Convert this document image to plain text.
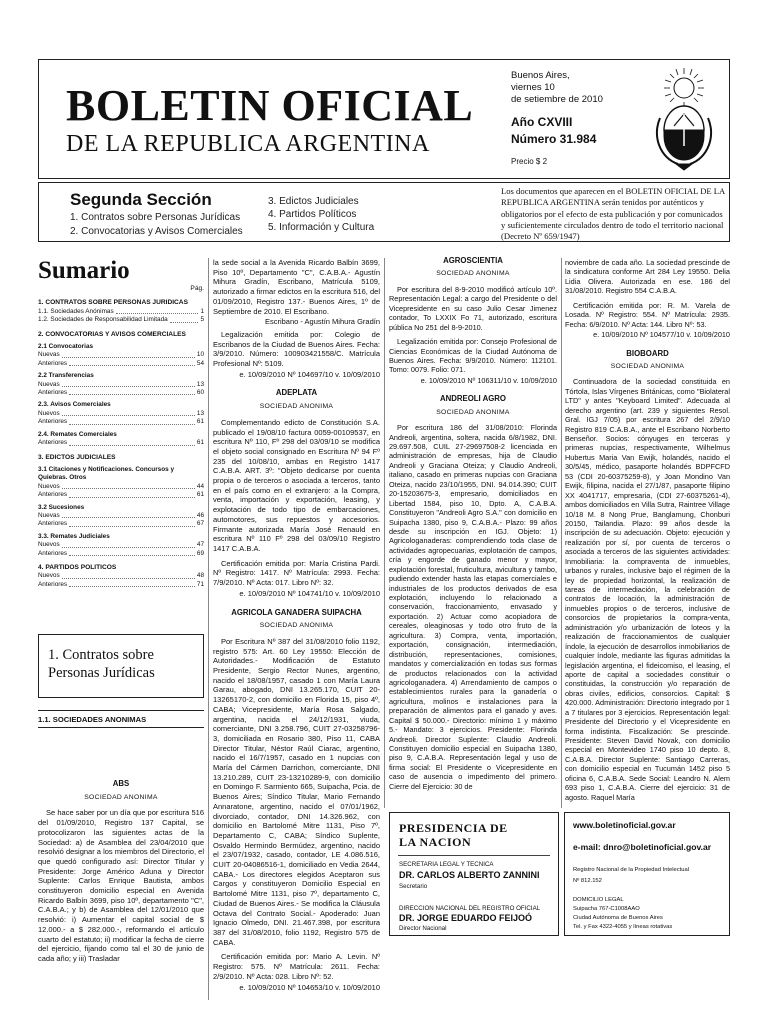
BOLETIN OFICIAL
DE LA REPUBLICA ARGENTINA
Buenos Aires,
viernes 10
de setiembre de 2010
Año CXVIII
Número 31.984
Precio $ 2
Segunda Sección
1. Contratos sobre Personas Jurídicas
2. Convocatorias y Avisos Comerciales
3. Edictos Judiciales
4. Partidos Políticos
5. Información y Cultura
Los documentos que aparecen en el BOLETIN OFICIAL DE LA REPUBLICA ARGENTINA serán tenidos por auténticos y obligatorios por el efecto de esta publicación y por comunicados y suficientemente circulados dentro de todo el territorio nacional (Decreto Nº 659/1947)
Sumario
Pág.
1. CONTRATOS SOBRE PERSONAS JURIDICAS
1.1. Sociedades Anónimas	1
1.2. Sociedades de Responsabilidad Limitada	5
2. CONVOCATORIAS Y AVISOS COMERCIALES
2.1 Convocatorias
Nuevas	10
Anteriores	54
2.2 Transferencias
Nuevas	13
Anteriores	60
2.3. Avisos Comerciales
Nuevos	13
Anteriores	61
2.4. Remates Comerciales
Anteriores	61
3. EDICTOS JUDICIALES
3.1 Citaciones y Notificaciones. Concursos y Quiebras. Otros
Nuevos	44
Anteriores	61
3.2 Sucesiones
Nuevas	46
Anteriores	67
3.3. Remates Judiciales
Nuevos	47
Anteriores	69
4. PARTIDOS POLITICOS
Nuevos	48
Anteriores	71
1. Contratos sobre Personas Jurídicas
1.1. SOCIEDADES ANONIMAS
ABS
SOCIEDAD ANONIMA

Se hace saber por un día que por escritura 516 del 01/09/2010, Registro 137 Capital, se protocolizaron las siguientes actas de la Sociedad: a) de Asamblea del 23/04/2010 que resolvió designar a los miembros del Directorio, el que quedó configurado así: Director Titular y Presidente: Jorge Américo Aduna y Director Suplente: Carlos Enrique Bautista, ambos constituyeron domicilio especial en Avenida Ricardo Balbín 3699, piso 10º, departamento "C", C.A.B.A.; y b) de Asamblea del 12/01/2010 que resolvió: i) Aumentar el capital social de $ 12.000.- a $ 282.000.-, reformando el artículo cuarto del estatuto; ii) modificar la fecha de cierre del ejercicio, fijando como tal el 30 de junio de cada año; y iii) Trasladar

la sede social a la Avenida Ricardo Balbín 3699, Piso 10º, Departamento "C", C.A.B.A.- Agustín Mihura Gradín, Escribano, Matrícula 5109, autorizado a firmar edictos en la escritura 516, del 01/09/2010, Registro 137.- Buenos Aires, 1º de Septiembre de 2010. El Escribano.

Escribano - Agustín Mihura Gradín

Legalización emitida por: Colegio de Escribanos de la Ciudad de Buenos Aires. Fecha: 3/9/2010. Número: 100903421558/C. Matrícula Profesional Nº: 5109.

e. 10/09/2010 Nº 104697/10 v. 10/09/2010
ADEPLATA
SOCIEDAD ANONIMA

Complementando edicto de Constitución S.A. publicado el 19/08/10 factura 0059-00109537, en escritura Nº 110, Fº 298 del 03/09/10 se modifica el objeto social consignado en Escritura Nº 94 Fº 235 del 10/08/10, ambas en Registro 1417 C.A.B.A. ART. 3º: "Objeto dedicarse por cuenta propia o de terceros o asociada a terceros, tanto en el país como en el extranjero: a la Compra, venta, importación y exportación, leasing, y explotación de todo tipo de embarcaciones, automotores, sus repuestos y accesorios. Firmante autorizada María José Renauld en escritura Nº 110 Fº 298 del 03/09/10 Registro 1417 C.A.B.A.

Certificación emitida por: María Cristina Pardi. Nº Registro: 1417. Nº Matrícula: 2993. Fecha: 7/9/2010. Nº Acta: 017. Libro Nº: 32.

e. 10/09/2010 Nº 104741/10 v. 10/09/2010
AGRICOLA GANADERA SUIPACHA
SOCIEDAD ANONIMA

Por Escritura Nº 387 del 31/08/2010 folio 1192, registro 575: Art. 60 Ley 19550: Elección de Autoridades.- Modificación de Estatuto Presidente, Sergio Rector Nunes, argentino, nacido el 18/08/1957, casado 1 con María Laura Garau, abogado, DNI 13.265.170, CUIT 20-13265170-2, con domicilio en Florida 15, piso 4º, CABA; Vicepresidente, María Rosa Salgado, argentina, nacida el 24/12/1931, viuda, comerciante, DNI 3.258.796, CUIT 27-03258796-3, domiciliada en Rosario 380, Piso 11, CABA Director Titular, Néstor Raúl Ciarac, argentino, nacido el 16/7/1957, casado en 1 nupcias con María del Cármen Darrichon, comerciante, DNI 13.210.289, CUIT 23-13210289-9, con domicilio en Domingo F. Sarmiento 665, Suipacha, Pcia. de Buenos Aires; Síndico Titular, Mario Fernando Annaratone, argentino, nacido el 07/01/1962, divorciado, contador, DNI 14.326.962, con domicilio en Bartolomé Mitre 1131, Piso 7º, Departamento C, CABA; Síndico Suplente, Osvaldo Hermindo Bermúdez, argentino, nacido el 23/07/1932, casado, contador, LE 4.086.516, CUIT 20-04086516-1, domiciliado en Vedia 2644, CABA.- Los directores elegidos Aceptaron sus Cargos y constituyeron Domicilio Especial en Bartolomé Mitre 1131, piso 7º, departamento C, Ciudad de Buenos Aires.- Se modifica la Cláusula Octava del Contrato Social.- Apoderado: Juan Ignacio Olmedo, DNI. 21.467.398, por escritura 387 del 31/08/2010, folio 1192, Registro 575 de CABA.

Certificación emitida por: Mario A. Levin. Nº Registro: 575. Nº Matrícula: 2611. Fecha: 2/9/2010. Nº Acta: 028. Libro Nº: 52.

e. 10/09/2010 Nº 104653/10 v. 10/09/2010
AGROSCIENTIA
SOCIEDAD ANONIMA

Por escritura del 8-9-2010 modificó artículo 10º. Representación Legal: a cargo del Presidente o del Vicepresidente en su caso Julio Cesar Jimenez contador, To LXXIX Fo 71, autorizado, escritura pública No 251 del 8-9-2010.

Legalización emitida por: Consejo Profesional de Ciencias Económicas de la Ciudad Autónoma de Buenos Aires. Fecha: 9/9/2010. Número: 112101. Tomo: 0079. Folio: 071.

e. 10/09/2010 Nº 106311/10 v. 10/09/2010
ANDREOLI AGRO
SOCIEDAD ANONIMA

Por escritura 186 del 31/08/2010: Florinda Andreoli, argentina, soltera, nacida 6/8/1982, DNI. 29.697.508, CUIL 27-29697508-2 licenciada en administración de empresas, hija de Claudio Andreoli y Graciana Oteiza; y Claudio Andreoli, italiano, casado en primeras nupcias con Graciana Oteiza, nacido 23/10/1955, DNI. 94.014.390; CUIT 20-15203675-3, empresario, domiciliados en Libertad 1584, piso 10, Dpto. A, C.A.B.A. Constituyeron "Andreoli Agro S.A." con domicilio en Suipacha 1380, piso 9, C.A.B.A.- Plazo: 99 años desde su inscripción en IGJ. Objeto: 1) Agricologanaderas: comprendiendo toda clase de actividades agropecuarias, explotación de campos, cría y engorde de ganado menor y mayor, explotación forestal, fruticultura, avicultura y tambo, pudiendo extender hasta las etapas comerciales e industriales de los productos derivados de esa explotación, incluyendo lo relacionado a conservación, fraccionamiento, envasado y exportación. 2) Actuar como acopiadora de cereales, oleaginosas y todo otro fruto de la agricultura. 3) Compra, venta, importación, exportación, consignación, intermediación, distribución, representaciones, comisiones, mandatos y comercialización en todas sus formas de productos relacionados con la actividad agricologanadera. 4) Arrendamiento de campos o establecimientos rurales para la ganadería o agricultura, molinos e instalaciones para la preparación de alimentos para el ganado y aves. Capital $ 50.000.- Directorio: mínimo 1 y máximo 5.- Mandato: 3 ejercicios. Presidente: Florinda Andreoli. Director Suplente: Claudio Andreoli. Constituyen domicilio especial en Suipacha 1380, piso 9, C.A.B.A. Representación legal y uso de firma social: El Presidente o Vicepresidente en caso de ausencia o impedimento del primero. Cierre del Ejercicio: 30 de

noviembre de cada año. La sociedad prescinde de la sindicatura conforme Art 284 Ley 19550. Delia Lidia Olivera. Autorizada en ese. 186 del 31/08/2010. Registro 554 C.A.B.A.

Certificación emitida por: R. M. Varela de Losada. Nº Registro: 554. Nº Matrícula: 2935. Fecha: 6/9/2010. Nº Acta: 144. Libro Nº: 53.

e. 10/09/2010 Nº 104577/10 v. 10/09/2010
BIOBOARD
SOCIEDAD ANONIMA

Continuadora de la sociedad constituida en Tórtola, Islas Vírgenes Británicas, como "Biolateral LTD" y antes "Keyboard Limited". Adecuada al derecho argentino (art. 239 y siguientes Resol. Gral. IGJ 7/05) por escritura 267 del 2/9/10 Registro 819 C.A.B.A., ante el Escribano Norberto Benseñor. Socios: cónyuges en terceras y primeras nupcias, respectivamente, Wilhelmus Hubertus Maria Van Ewijk, holandés, nacido el 30/5/45, médico, pasaporte holandés BDPFCFD 53 (CDI 20-60375259-8), y Joan Mondino Van Ewijk, filipina, nacida el 27/1/87, pasaporte filipino XX 4041717, empresaria, (CDI 27-60375261-4), ambos domiciliados en Villa Sutra, Raintree Village 10/18 M. 8 Nong Prue, Banglamung, Chonburi 20150, Tailandia. Plazo: 99 años desde la inscripción de su adecuación. Objeto: ejecución y realización por sí, por cuenta de terceros o asociada a terceros de las siguientes actividades: Inmobiliaria: la compraventa de inmuebles, urbanos y rurales, inclusive bajo el régimen de la ley de propiedad horizontal, la realización de tareas de intermediación, la celebración de contratos de locación, la administración de inmuebles propios o de terceros, inclusive de consorcios de propietarios la compra-venta, administración y/o urbanización de loteos y la realización de fraccionamientos de cualquier índole, la ejecución de desarrollos inmobiliarios de cualquier índole, mediante las figuras admitidas la legislación argentina, el fideicomiso, el leasing, el aporte de capital a sociedades constituir o constituidas, la construcción y/o reparación de obras civiles, edificios, consorcios. Capital: $ 420.000. Administración: Directorio integrado por 1 a 7 titulares por 3 ejercicios. Representación legal: Presidente del Directorio y el Vicepresidente en forma indistinta. Fiscalización: Se prescinde. Presidente: Steven David Novak, con domicilio especial en Montevideo 1740 piso 10 depto. 8, C.A.B.A. Director Suplente: Santiago Carreras, con domicilio especial en Tucumán 1452 piso 5 oficina 6, C.A.B.A. Sede Social: Leandro N. Alem 693 piso 1, C.A.B.A. Cierre del ejercicio: 31 de agosto. Raquel María

PRESIDENCIA DE LA NACION
SECRETARIA LEGAL Y TECNICA
DR. CARLOS ALBERTO ZANNINI
Secretario
DIRECCION NACIONAL DEL REGISTRO OFICIAL
DR. JORGE EDUARDO FEIJOÓ
Director Nacional
www.boletinoficial.gov.ar
e-mail: dnro@boletinoficial.gov.ar
Registro Nacional de la Propiedad Intelectual
Nº 812.152
DOMICILIO LEGAL
Suipacha 767-C1008AAO
Ciudad Autónoma de Buenos Aires
Tel. y Fax 4322-4055 y líneas rotativas
